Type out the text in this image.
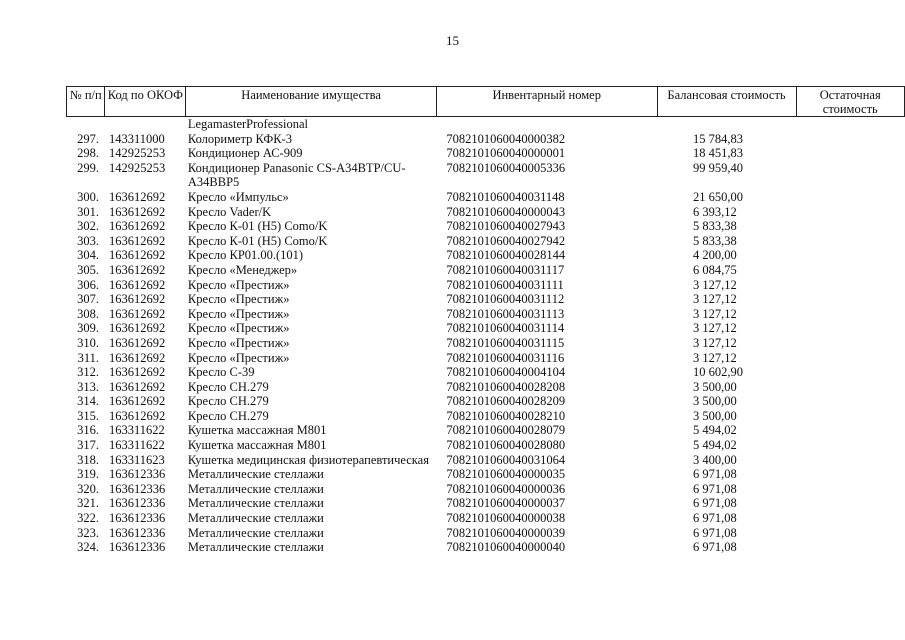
15
№ п/п	Код по ОКОФ	Наименование имущества	Инвентарный номер	Балансовая стоимость	Остаточная стоимость
		LegamasterProfessional			
297.	143311000	Колориметр КФК-3	7082101060040000382	15 784,83	
298.	142925253	Кондиционер АС-909	7082101060040000001	18 451,83	
299.	142925253	Кондиционер Panasonic CS-A34BTP/CU-A34BBP5	7082101060040005336	99 959,40	
300.	163612692	Кресло «Импульс»	7082101060040031148	21 650,00	
301.	163612692	Кресло Vader/K	7082101060040000043	6 393,12	
302.	163612692	Кресло К-01 (Н5) Сomo/K	7082101060040027943	5 833,38	
303.	163612692	Кресло К-01 (Н5) Сomo/K	7082101060040027942	5 833,38	
304.	163612692	Кресло КР01.00.(101)	7082101060040028144	4 200,00	
305.	163612692	Кресло «Менеджер»	7082101060040031117	6 084,75	
306.	163612692	Кресло «Престиж»	7082101060040031111	3 127,12	
307.	163612692	Кресло «Престиж»	7082101060040031112	3 127,12	
308.	163612692	Кресло «Престиж»	7082101060040031113	3 127,12	
309.	163612692	Кресло «Престиж»	7082101060040031114	3 127,12	
310.	163612692	Кресло «Престиж»	7082101060040031115	3 127,12	
311.	163612692	Кресло «Престиж»	7082101060040031116	3 127,12	
312.	163612692	Кресло С-39	7082101060040004104	10 602,90	
313.	163612692	Кресло СН.279	7082101060040028208	3 500,00	
314.	163612692	Кресло СН.279	7082101060040028209	3 500,00	
315.	163612692	Кресло СН.279	7082101060040028210	3 500,00	
316.	163311622	Кушетка массажная М801	7082101060040028079	5 494,02	
317.	163311622	Кушетка массажная М801	7082101060040028080	5 494,02	
318.	163311623	Кушетка медицинская физиотерапевтическая	7082101060040031064	3 400,00	
319.	163612336	Металлические стеллажи	7082101060040000035	6 971,08	
320.	163612336	Металлические стеллажи	7082101060040000036	6 971,08	
321.	163612336	Металлические стеллажи	7082101060040000037	6 971,08	
322.	163612336	Металлические стеллажи	7082101060040000038	6 971,08	
323.	163612336	Металлические стеллажи	7082101060040000039	6 971,08	
324.	163612336	Металлические стеллажи	7082101060040000040	6 971,08	
